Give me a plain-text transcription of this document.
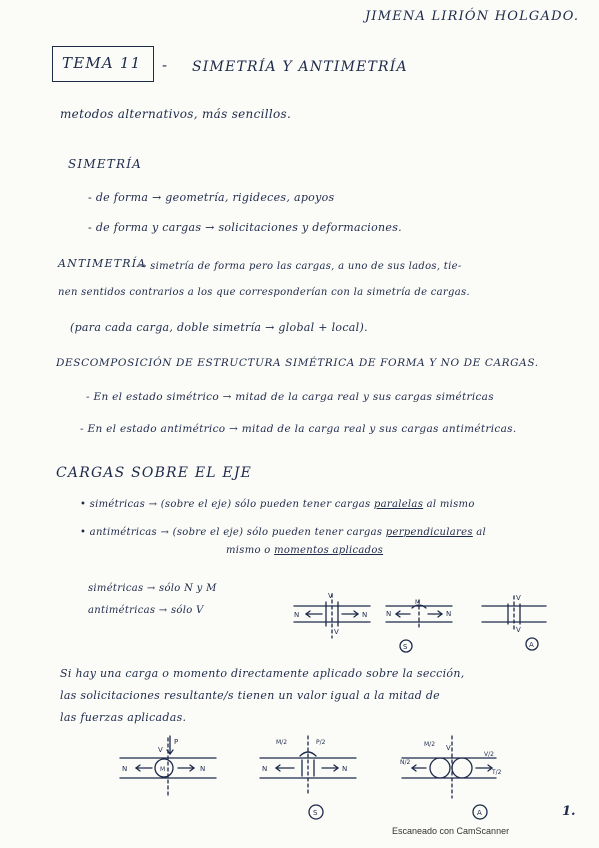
JIMENA LIRIÓN HOLGADO.
TEMA 11 - SIMETRÍA Y ANTIMETRÍA
metodos alternativos, más sencillos.
SIMETRÍA
- de forma → geometría, rigideces, apoyos
- de forma y cargas → solicitaciones y deformaciones.
ANTIMETRÍA
→ simetría de forma pero las cargas, a uno de sus lados, tie-
nen sentidos contrarios a los que corresponderían con la simetría de cargas.
(para cada carga, doble simetría → global + local).
DESCOMPOSICIÓN DE ESTRUCTURA SIMÉTRICA DE FORMA Y NO DE CARGAS.
- En el estado simétrico → mitad de la carga real y sus cargas simétricas
- En el estado antimétrico → mitad de la carga real y sus cargas antimétricas.
CARGAS SOBRE EL EJE
• simétricas → (sobre el eje) sólo pueden tener cargas paralelas al mismo
• antimétricas → (sobre el eje) sólo pueden tener cargas perpendiculares al
mismo o momentos aplicados
simétricas → sólo N y M
antimétricas → sólo V
V
N	N
V
M
N	N
S
V
V
A
Si hay una carga o momento directamente aplicado sobre la sección,
las solicitaciones resultante/s tienen un valor igual a la mitad de
las fuerzas aplicadas.
P
V
N	N
M
M/2	P/2
N	N
S
M/2 V
N/2
V/2
T/2
A	1.
Escaneado con CamScanner
